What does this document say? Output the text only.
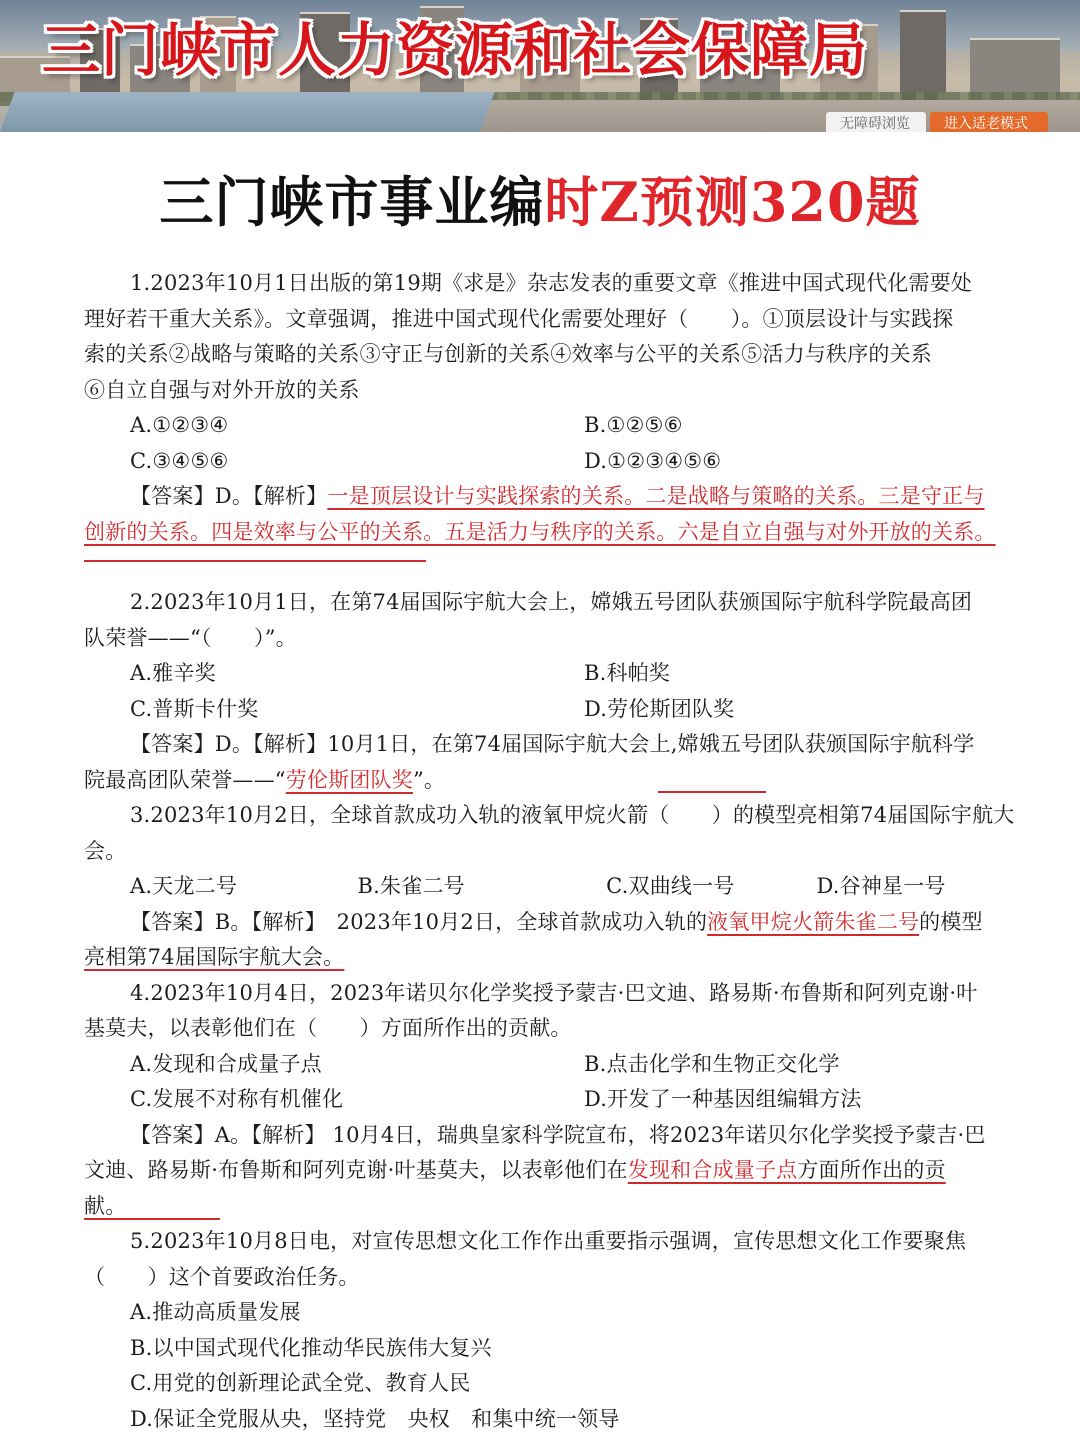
三门峡市人力资源和社会保障局
无障碍浏览	进入适老模式
三门峡市事业编时Z预测320题
1.2023年10月1日出版的第19期《求是》杂志发表的重要文章《推进中国式现代化需要处
理好若干重大关系》。文章强调，推进中国式现代化需要处理好（　　）。①顶层设计与实践探
索的关系②战略与策略的关系③守正与创新的关系④效率与公平的关系⑤活力与秩序的关系
⑥自立自强与对外开放的关系
A.①②③④	B.①②⑤⑥
C.③④⑤⑥	D.①②③④⑤⑥
【答案】D。【解析】一是顶层设计与实践探索的关系。二是战略与策略的关系。三是守正与
创新的关系。四是效率与公平的关系。五是活力与秩序的关系。六是自立自强与对外开放的关系。
2.2023年10月1日，在第74届国际宇航大会上，嫦娥五号团队获颁国际宇航科学院最高团
队荣誉——“（　　）”。
A.雅辛奖	B.科帕奖
C.普斯卡什奖	D.劳伦斯团队奖
【答案】D。【解析】10月1日，在第74届国际宇航大会上,嫦娥五号团队获颁国际宇航科学
院最高团队荣誉——“劳伦斯团队奖”。
3.2023年10月2日，全球首款成功入轨的液氧甲烷火箭（　　）的模型亮相第74届国际宇航大
会。
A.天龙二号	B.朱雀二号	C.双曲线一号	D.谷神星一号
【答案】B。【解析】　2023年10月2日，全球首款成功入轨的液氧甲烷火箭朱雀二号的模型
亮相第74届国际宇航大会。
4.2023年10月4日，2023年诺贝尔化学奖授予蒙吉·巴文迪、路易斯·布鲁斯和阿列克谢·叶
基莫夫，以表彰他们在（　　）方面所作出的贡献。
A.发现和合成量子点	B.点击化学和生物正交化学
C.发展不对称有机催化	D.开发了一种基因组编辑方法
【答案】A。【解析】 10月4日，瑞典皇家科学院宣布，将2023年诺贝尔化学奖授予蒙吉·巴
文迪、路易斯·布鲁斯和阿列克谢·叶基莫夫，以表彰他们在发现和合成量子点方面所作出的贡
献。
5.2023年10月8日电，对宣传思想文化工作作出重要指示强调，宣传思想文化工作要聚焦
（　　）这个首要政治任务。
A.推动高质量发展
B.以中国式现代化推动华民族伟大复兴
C.用党的创新理论武全党、教育人民
D.保证全党服从央，坚持党　央权　和集中统一领导
